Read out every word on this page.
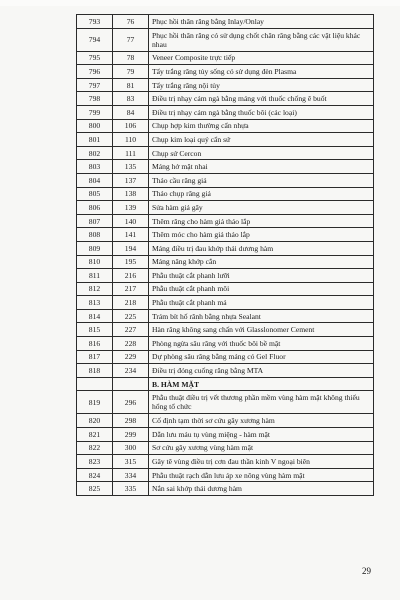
793	76	Phục hồi thân răng bằng Inlay/Onlay
794	77	Phục hồi thân răng có sử dụng chốt chân răng bằng các vật liệu khác nhau
795	78	Veneer Composite trực tiếp
796	79	Tẩy trắng răng tủy sống có sử dụng đèn Plasma
797	81	Tẩy trắng răng nội tủy
798	83	Điều trị nhạy cảm ngà bằng máng với thuốc chống ê buốt
799	84	Điều trị nhạy cảm ngà bằng thuốc bôi (các loại)
800	106	Chụp hợp kim thường cẩn nhựa
801	110	Chụp kim loại quý cẩn sứ
802	111	Chụp sứ Cercon
803	135	Máng hở mặt nhai
804	137	Tháo cầu răng giả
805	138	Tháo chụp răng giả
806	139	Sửa hàm giả gãy
807	140	Thêm răng cho hàm giả tháo lắp
808	141	Thêm móc cho hàm giả tháo lắp
809	194	Máng điều trị đau khớp thái dương hàm
810	195	Máng nâng khớp cắn
811	216	Phẫu thuật cắt phanh lưỡi
812	217	Phẫu thuật cắt phanh môi
813	218	Phẫu thuật cắt phanh má
814	225	Trám bít hố rãnh bằng nhựa Sealant
815	227	Hàn răng không sang chấn với Glasslonomer Cement
816	228	Phòng ngừa sâu răng với thuốc bôi bề mặt
817	229	Dự phòng sâu răng bằng máng có Gel Fluor
818	234	Điều trị đóng cuống răng bằng MTA
		B. HÀM MẶT
819	296	Phẫu thuật điều trị vết thương phần mềm vùng hàm mặt không thiếu hổng tổ chức
820	298	Cố định tạm thời sơ cứu gãy xương hàm
821	299	Dẫn lưu máu tụ vùng miệng - hàm mặt
822	300	Sơ cứu gãy xương vùng hàm mặt
823	315	Gây tê vùng điều trị cơn đau thần kinh V ngoại biên
824	334	Phẫu thuật rạch dẫn lưu áp xe nông vùng hàm mặt
825	335	Nắn sai khớp thái dương hàm
29
